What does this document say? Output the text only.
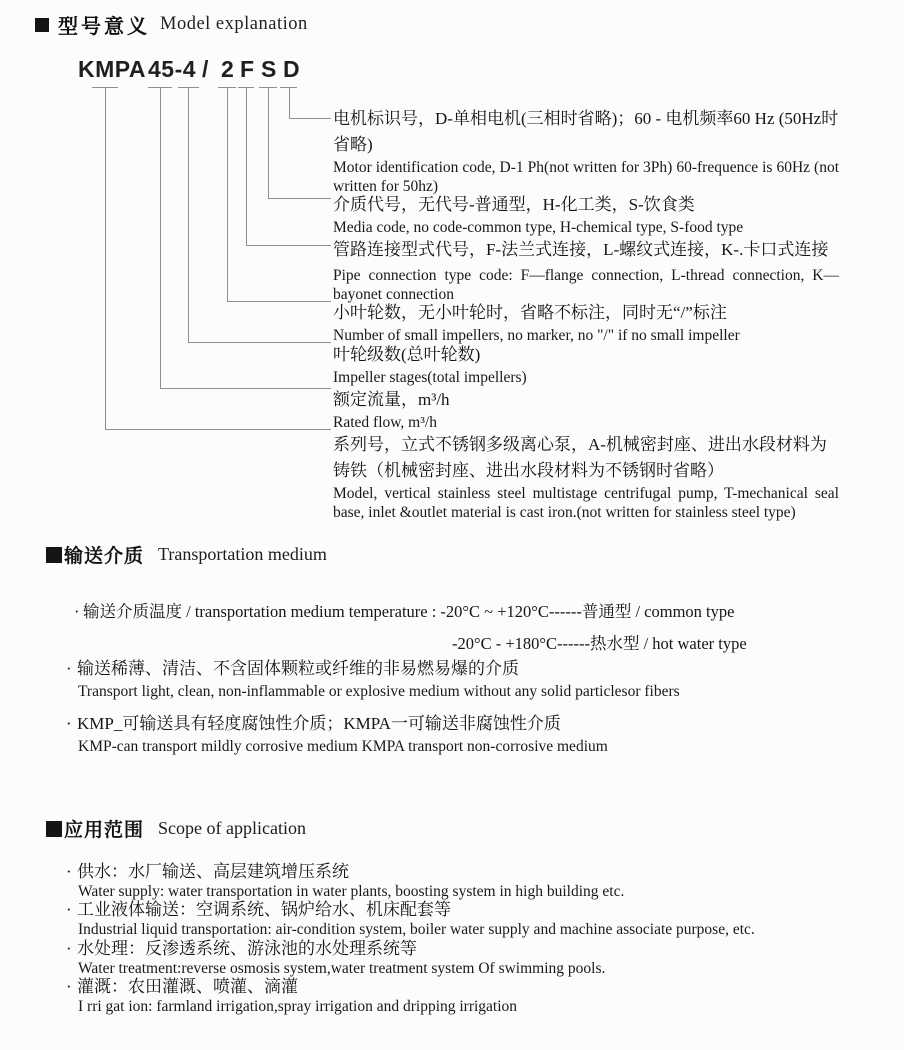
型号意义 Model explanation
KMPA 45-4 / 2 F S D
电机标识号，D-单相电机(三相时省略)；60 - 电机频率60 Hz (50Hz时省略)
Motor identification code, D-1 Ph(not written for 3Ph) 60-frequence is 60Hz (not written for 50hz)
介质代号，无代号-普通型，H-化工类，S-饮食类
Media code, no code-common type, H-chemical type, S-food type
管路连接型式代号，F-法兰式连接，L-螺纹式连接，K-.卡口式连接
Pipe connection type code: F—flange connection, L-thread connection, K—bayonet connection
小叶轮数，无小叶轮时，省略不标注，同时无“/”标注
Number of small impellers, no marker, no "/" if no small impeller
叶轮级数(总叶轮数)
Impeller stages(total impellers)
额定流量，m³/h
Rated flow, m³/h
系列号，立式不锈钢多级离心泵，A-机械密封座、进出水段材料为铸铁（机械密封座、进出水段材料为不锈钢时省略）
Model, vertical stainless steel multistage centrifugal pump, T-mechanical seal base, inlet &outlet material is cast iron.(not written for stainless steel type)
输送介质 Transportation medium
· 输送介质温度 / transportation medium temperature : -20°C ~ +120°C------普通型 / common type
-20°C - +180°C------热水型 / hot water type
· 输送稀薄、清洁、不含固体颗粒或纤维的非易燃易爆的介质
Transport light, clean, non-inflammable or explosive medium without any solid particlesor fibers
· KMP_可输送具有轻度腐蚀性介质；KMPA一可输送非腐蚀性介质
KMP-can transport mildly corrosive medium KMPA transport non-corrosive medium
应用范围 Scope of application
· 供水：水厂输送、高层建筑增压系统
Water supply: water transportation in water plants, boosting system in high building etc.
· 工业液体输送：空调系统、锅炉给水、机床配套等
Industrial liquid transportation: air-condition system, boiler water supply and machine associate purpose, etc.
· 水处理：反渗透系统、游泳池的水处理系统等
Water treatment:reverse osmosis system,water treatment system Of swimming pools.
· 灌溉：农田灌溉、喷灌、滴灌
I rri gat ion: farmland irrigation,spray irrigation and dripping irrigation
